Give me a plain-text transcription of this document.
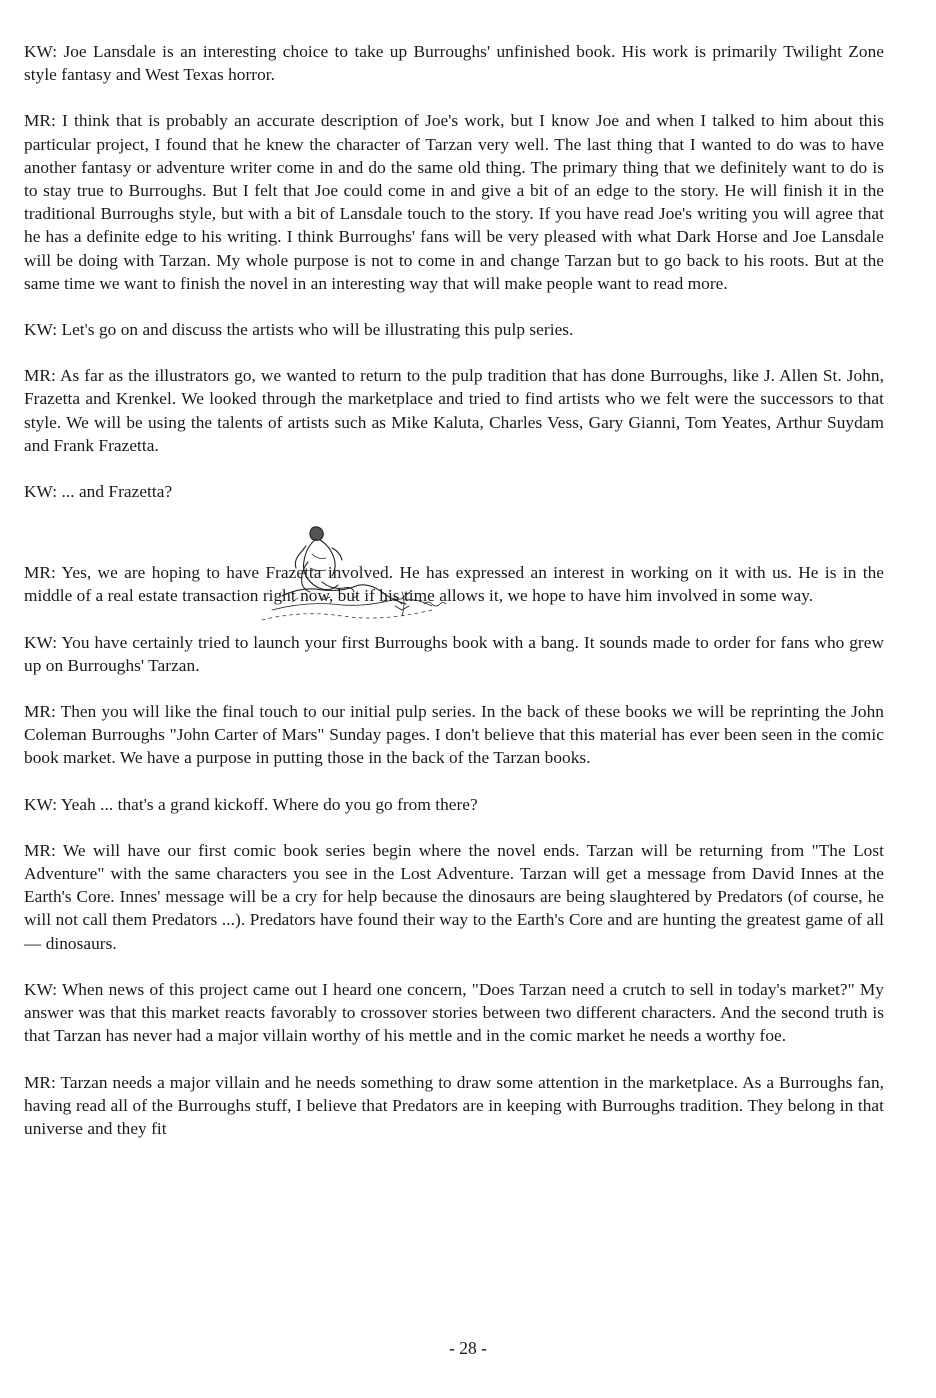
KW: Joe Lansdale is an interesting choice to take up Burroughs' unfinished book. His work is primarily Twilight Zone style fantasy and West Texas horror.

MR: I think that is probably an accurate description of Joe's work, but I know Joe and when I talked to him about this particular project, I found that he knew the character of Tarzan very well. The last thing that I wanted to do was to have another fantasy or adventure writer come in and do the same old thing. The primary thing that we definitely want to do is to stay true to Burroughs. But I felt that Joe could come in and give a bit of an edge to the story. He will finish it in the traditional Burroughs style, but with a bit of Lansdale touch to the story. If you have read Joe's writing you will agree that he has a definite edge to his writing. I think Burroughs' fans will be very pleased with what Dark Horse and Joe Lansdale will be doing with Tarzan. My whole purpose is not to come in and change Tarzan but to go back to his roots. But at the same time we want to finish the novel in an interesting way that will make people want to read more.

KW: Let's go on and discuss the artists who will be illustrating this pulp series.

MR: As far as the illustrators go, we wanted to return to the pulp tradition that has done Burroughs, like J. Allen St. John, Frazetta and Krenkel. We looked through the marketplace and tried to find artists who we felt were the successors to that style. We will be using the talents of artists such as Mike Kaluta, Charles Vess, Gary Gianni, Tom Yeates, Arthur Suydam and Frank Frazetta.

KW: ... and Frazetta?

MR: Yes, we are hoping to have Frazetta involved. He has expressed an interest in working on it with us. He is in the middle of a real estate transaction right now, but if his time allows it, we hope to have him involved in some way.

KW: You have certainly tried to launch your first Burroughs book with a bang. It sounds made to order for fans who grew up on Burroughs' Tarzan.

MR: Then you will like the final touch to our initial pulp series. In the back of these books we will be reprinting the John Coleman Burroughs "John Carter of Mars" Sunday pages. I don't believe that this material has ever been seen in the comic book market. We have a purpose in putting those in the back of the Tarzan books.

KW: Yeah ... that's a grand kickoff. Where do you go from there?

MR: We will have our first comic book series begin where the novel ends. Tarzan will be returning from "The Lost Adventure" with the same characters you see in the Lost Adventure. Tarzan will get a message from David Innes at the Earth's Core. Innes' message will be a cry for help because the dinosaurs are being slaughtered by Predators (of course, he will not call them Predators ...). Predators have found their way to the Earth's Core and are hunting the greatest game of all — dinosaurs.

KW: When news of this project came out I heard one concern, "Does Tarzan need a crutch to sell in today's market?" My answer was that this market reacts favorably to crossover stories between two different characters. And the second truth is that Tarzan has never had a major villain worthy of his mettle and in the comic market he needs a worthy foe.

MR: Tarzan needs a major villain and he needs something to draw some attention in the marketplace. As a Burroughs fan, having read all of the Burroughs stuff, I believe that Predators are in keeping with Burroughs tradition. They belong in that universe and they fit

- 28 -
